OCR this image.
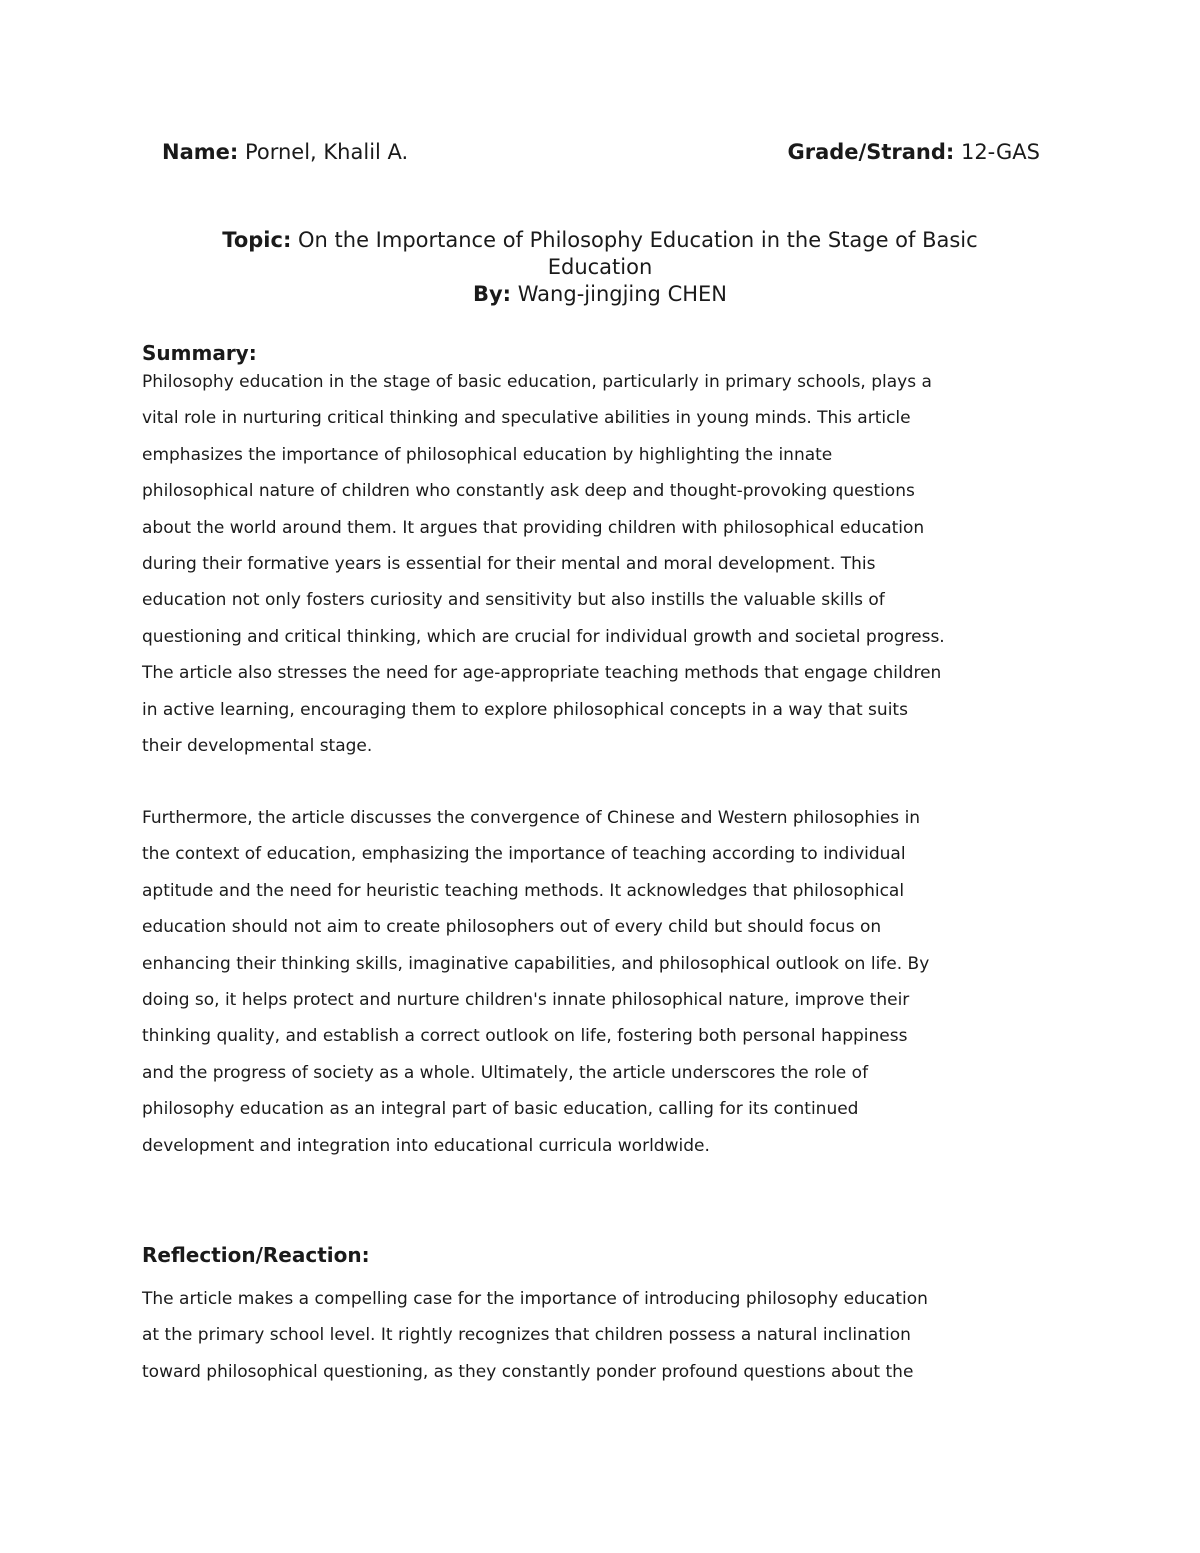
Name: Pornel, Khalil A.	Grade/Strand: 12-GAS
Topic: On the Importance of Philosophy Education in the Stage of Basic
Education
By: Wang-jingjing CHEN
Summary:
Philosophy education in the stage of basic education, particularly in primary schools, plays a
vital role in nurturing critical thinking and speculative abilities in young minds. This article
emphasizes the importance of philosophical education by highlighting the innate
philosophical nature of children who constantly ask deep and thought-provoking questions
about the world around them. It argues that providing children with philosophical education
during their formative years is essential for their mental and moral development. This
education not only fosters curiosity and sensitivity but also instills the valuable skills of
questioning and critical thinking, which are crucial for individual growth and societal progress.
The article also stresses the need for age-appropriate teaching methods that engage children
in active learning, encouraging them to explore philosophical concepts in a way that suits
their developmental stage.
Furthermore, the article discusses the convergence of Chinese and Western philosophies in
the context of education, emphasizing the importance of teaching according to individual
aptitude and the need for heuristic teaching methods. It acknowledges that philosophical
education should not aim to create philosophers out of every child but should focus on
enhancing their thinking skills, imaginative capabilities, and philosophical outlook on life. By
doing so, it helps protect and nurture children's innate philosophical nature, improve their
thinking quality, and establish a correct outlook on life, fostering both personal happiness
and the progress of society as a whole. Ultimately, the article underscores the role of
philosophy education as an integral part of basic education, calling for its continued
development and integration into educational curricula worldwide.
Reflection/Reaction:
The article makes a compelling case for the importance of introducing philosophy education
at the primary school level. It rightly recognizes that children possess a natural inclination
toward philosophical questioning, as they constantly ponder profound questions about the
